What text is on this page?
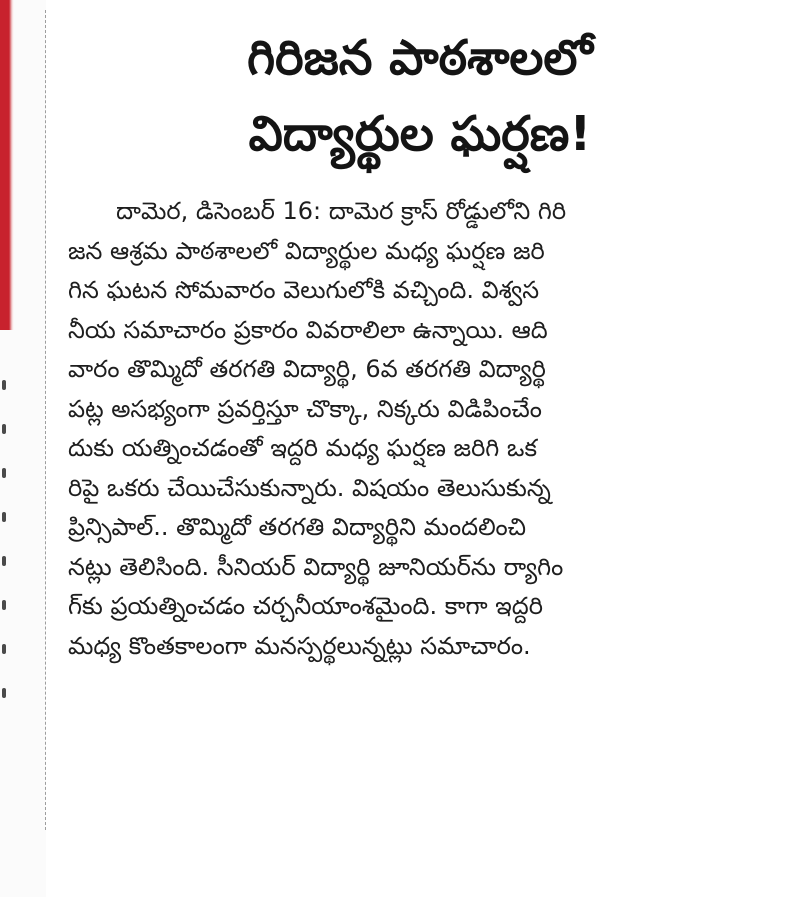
గిరిజన పాఠశాలలో
విద్యార్థుల ఘర్షణ!
దామెర, డిసెంబర్ 16: దామెర క్రాస్ రోడ్డులోని గిరి
జన ఆశ్రమ పాఠశాలలో విద్యార్థుల మధ్య ఘర్షణ జరి
గిన ఘటన సోమవారం వెలుగులోకి వచ్చింది. విశ్వస
నీయ సమాచారం ప్రకారం వివరాలిలా ఉన్నాయి. ఆది
వారం తొమ్మిదో తరగతి విద్యార్థి, 6వ తరగతి విద్యార్థి
పట్ల అసభ్యంగా ప్రవర్తిస్తూ చొక్కా, నిక్కరు విడిపించేం
దుకు యత్నించడంతో ఇద్దరి మధ్య ఘర్షణ జరిగి ఒక
రిపై ఒకరు చేయిచేసుకున్నారు. విషయం తెలుసుకున్న
ప్రిన్సిపాల్.. తొమ్మిదో తరగతి విద్యార్థిని మందలించి
నట్లు తెలిసింది. సీనియర్ విద్యార్థి జూనియర్‌ను ర్యాగిం
గ్‌కు ప్రయత్నించడం చర్చనీయాంశమైంది. కాగా ఇద్దరి
మధ్య కొంతకాలంగా మనస్పర్థలున్నట్లు సమాచారం.
